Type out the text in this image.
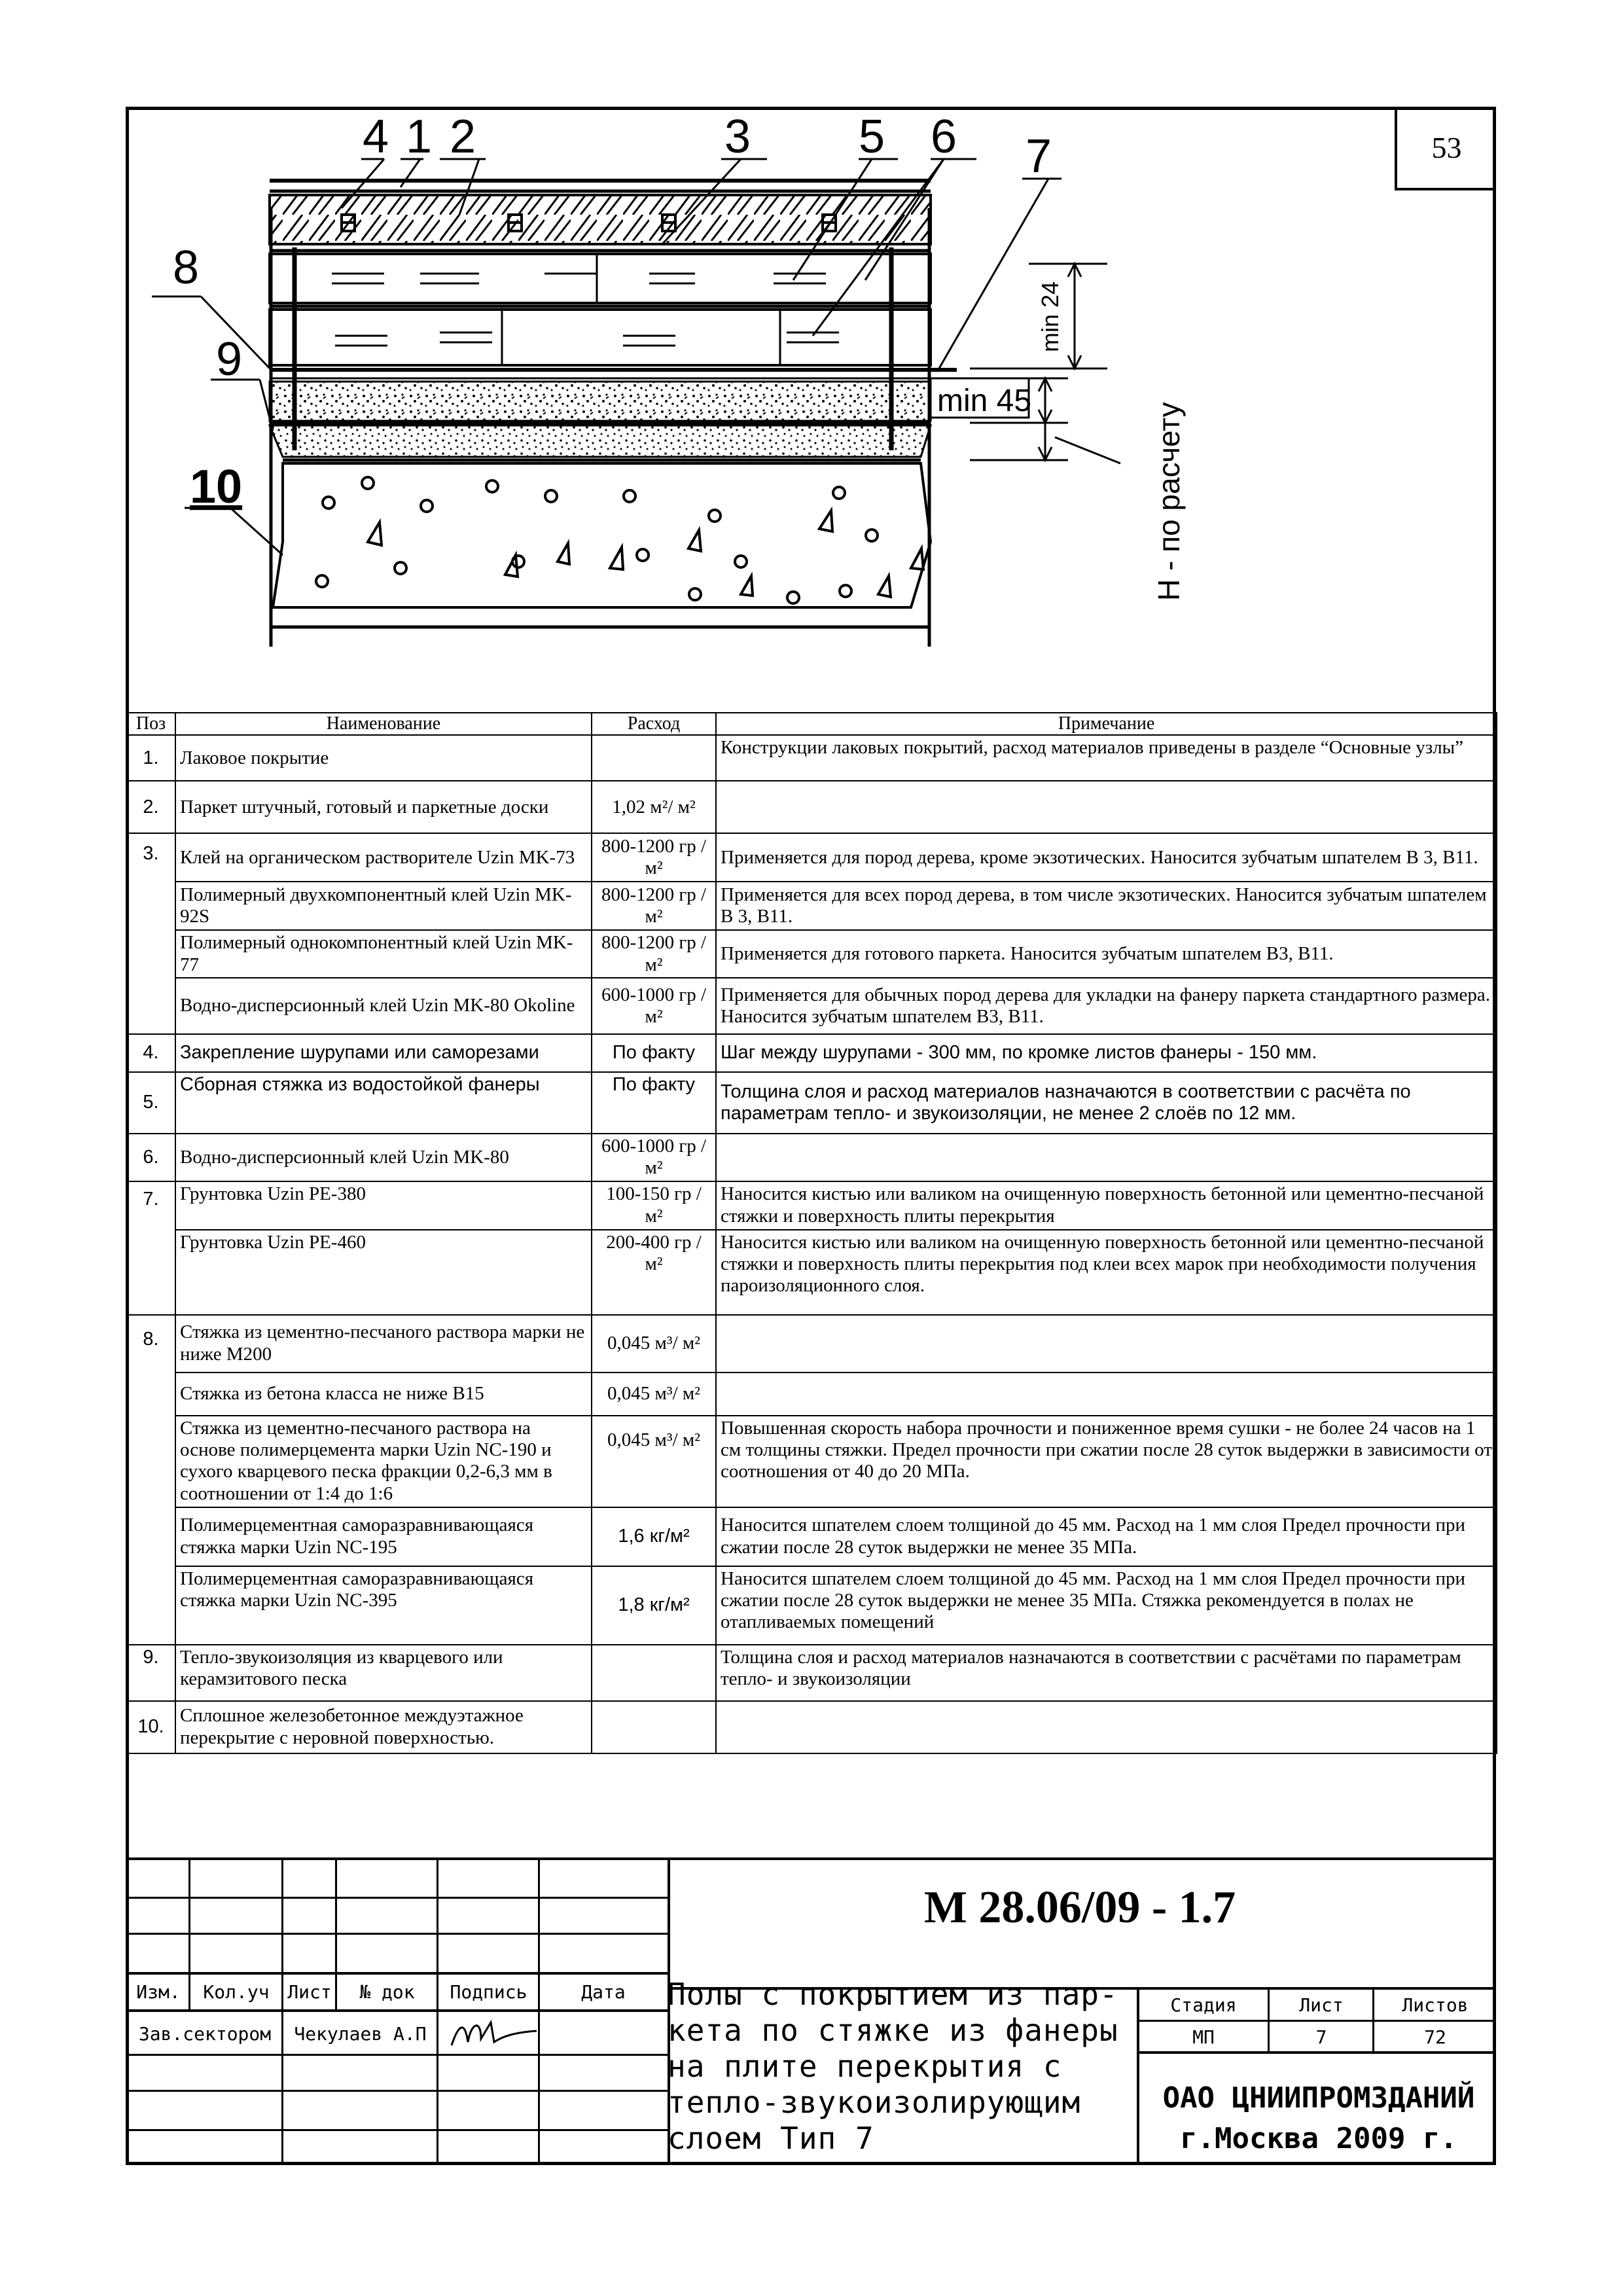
53
4 1 2	3 5 6 7
8
9
10
min 45
min 24
H - по расчету
Поз	Наименование	Расход	Примечание
1.	Лаковое покрытие		Конструкции лаковых покрытий, расход материалов приведены в разделе “Основные узлы”
2.	Паркет штучный, готовый и паркетные доски	1,02 м²/ м²	
3.	Клей на органическом растворителе Uzin MK-73	800-1200 гр / м²	Применяется для пород дерева, кроме экзотических. Наносится зубчатым шпателем В 3, В11.
	Полимерный двухкомпонентный клей Uzin MK-92S	800-1200 гр / м²	Применяется для всех пород дерева, в том числе экзотических. Наносится зубчатым шпателем В 3, В11.
	Полимерный однокомпонентный клей Uzin MK-77	800-1200 гр / м²	Применяется для готового паркета. Наносится зубчатым шпателем В3, В11.
	Водно-дисперсионный клей Uzin MK-80 Okoline	600-1000 гр / м²	Применяется для обычных пород дерева для укладки на фанеру паркета стандартного размера. Наносится зубчатым шпателем В3, В11.
4.	Закрепление шурупами или саморезами	По факту	Шаг между шурупами - 300 мм, по кромке листов фанеры - 150 мм.
5.	Сборная стяжка из водостойкой фанеры	По факту	Толщина слоя и расход материалов назначаются в соответствии с расчёта по параметрам тепло- и звукоизоляции, не менее 2 слоёв по 12 мм.
6.	Водно-дисперсионный клей Uzin MK-80	600-1000 гр / м²	
7.	Грунтовка Uzin PE-380	100-150 гр / м²	Наносится кистью или валиком на очищенную поверхность бетонной или цементно-песчаной стяжки и поверхность плиты перекрытия
	Грунтовка Uzin PE-460	200-400 гр / м²	Наносится кистью или валиком на очищенную поверхность бетонной или цементно-песчаной стяжки и поверхность плиты перекрытия под клеи всех марок при необходимости получения пароизоляционного слоя.
8.	Стяжка из цементно-песчаного раствора марки не ниже М200	0,045 м³/ м²	
	Стяжка из бетона класса не ниже В15	0,045 м³/ м²	
	Стяжка из цементно-песчаного раствора на основе полимерцемента марки Uzin NC-190 и сухого кварцевого песка фракции 0,2-6,3 мм в соотношении от 1:4 до 1:6	0,045 м³/ м²	Повышенная скорость набора прочности и пониженное время сушки - не более 24 часов на 1 см толщины стяжки. Предел прочности при сжатии после 28 суток выдержки в зависимости от соотношения от 40 до 20 МПа.
	Полимерцементная саморазравнивающаяся стяжка марки Uzin NC-195	1,6 кг/м²	Наносится шпателем слоем толщиной до 45 мм. Расход на 1 мм слоя Предел прочности при сжатии после 28 суток выдержки не менее 35 МПа.
	Полимерцементная саморазравнивающаяся стяжка марки Uzin NC-395	1,8 кг/м²	Наносится шпателем слоем толщиной до 45 мм. Расход на 1 мм слоя Предел прочности при сжатии после 28 суток выдержки не менее 35 МПа. Стяжка рекомендуется в полах не отапливаемых помещений
9.	Тепло-звукоизоляция из кварцевого или керамзитового песка		Толщина слоя и расход материалов назначаются в соответствии с расчётами по параметрам тепло- и звукоизоляции
10.	Сплошное железобетонное междуэтажное перекрытие с неровной поверхностью.		
М 28.06/09 - 1.7
Изм.	Кол.уч Лист	№ док	Подпись	Дата
Зав.сектором	Чекулаев А.П
Полы с покрытием из пар-
кета по стяжке из фанеры
на плите перекрытия с
тепло-звукоизолирующим
слоем Тип 7
Стадия	Лист	Листов
МП	7	72
ОАО ЦНИИПРОМЗДАНИЙ
г.Москва 2009 г.
